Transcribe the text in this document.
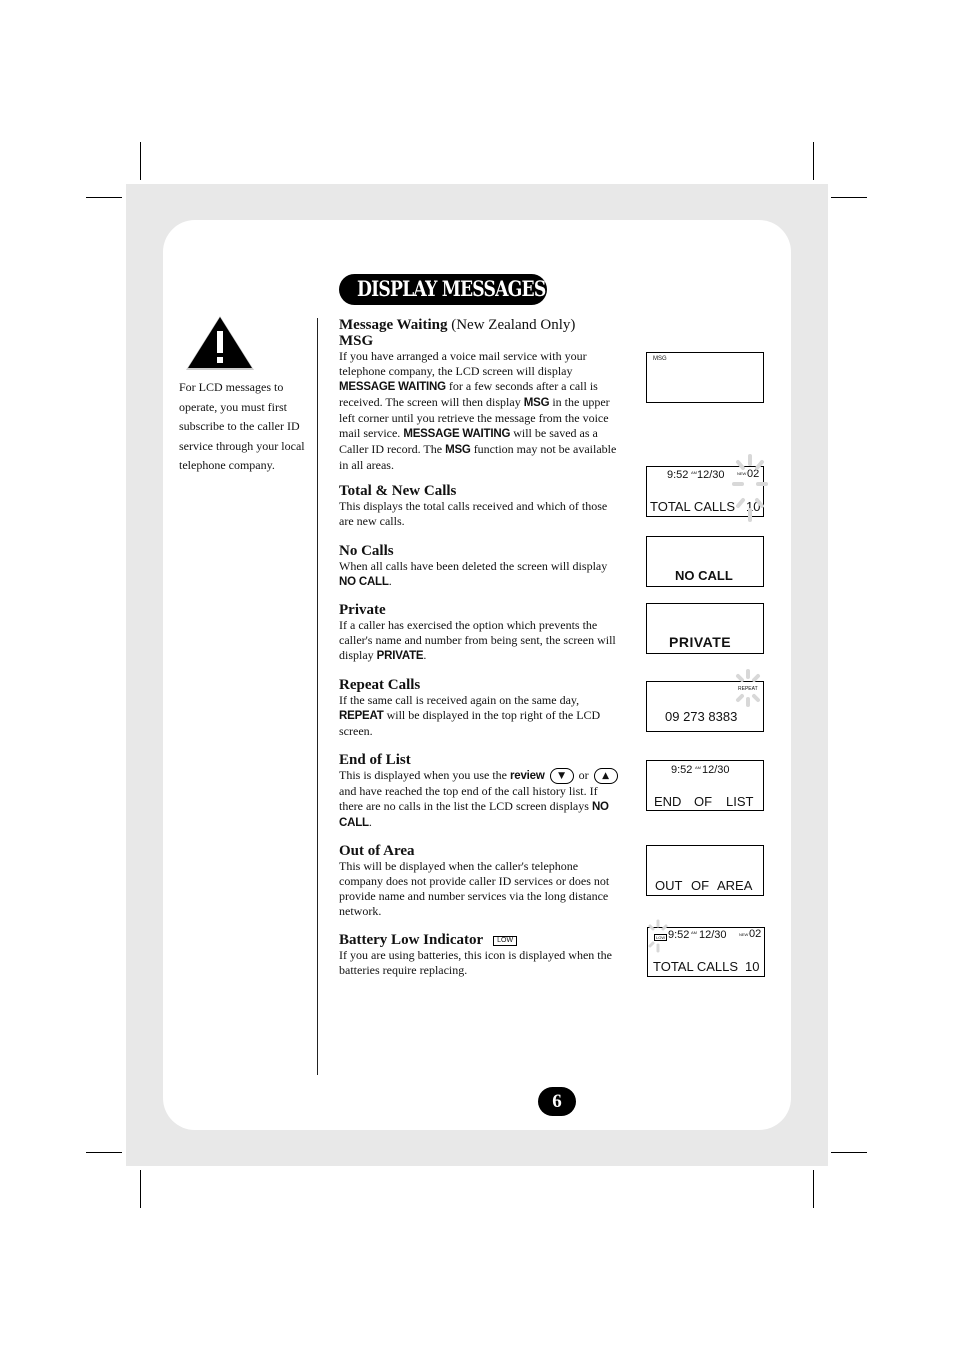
DISPLAY MESSAGES
For LCD messages to operate, you must first subscribe to the caller ID service through your local telephone company.
Message Waiting (New Zealand Only)
MSG

If you have arranged a voice mail service with your telephone company, the LCD screen will display MESSAGE WAITING for a few seconds after a call is received. The screen will then display MSG in the upper left corner until you retrieve the message from the voice mail service. MESSAGE WAITING will be saved as a Caller ID record. The MSG function may not be available in all areas.

Total & New Calls

This displays the total calls received and which of those are new calls.

No Calls

When all calls have been deleted the screen will display NO CALL.

Private

If a caller has exercised the option which prevents the caller's name and number from being sent, the screen will display PRIVATE.

Repeat Calls

If the same call is received again on the same day, REPEAT will be displayed in the top right of the LCD screen.

End of List

This is displayed when you use the review ▼ or ▲ and have reached the top end of the call history list. If there are no calls in the list the LCD screen displays NO CALL.

Out of Area

This will be displayed when the caller's telephone company does not provide caller ID services or does not provide name and number services via the long distance network.

Battery Low Indicator LOW

If you are using batteries, this icon is displayed when the batteries require replacing.

MSG
9:52 AM 12/30	NEW 02
TOTAL CALLS 10
NO CALL
PRIVATE
REPEAT
09 273 8383
9:52 AM 12/30
END OF LIST
OUT OF AREA
LOW 9:52 AM 12/30	NEW 02
TOTAL CALLS 10
6
